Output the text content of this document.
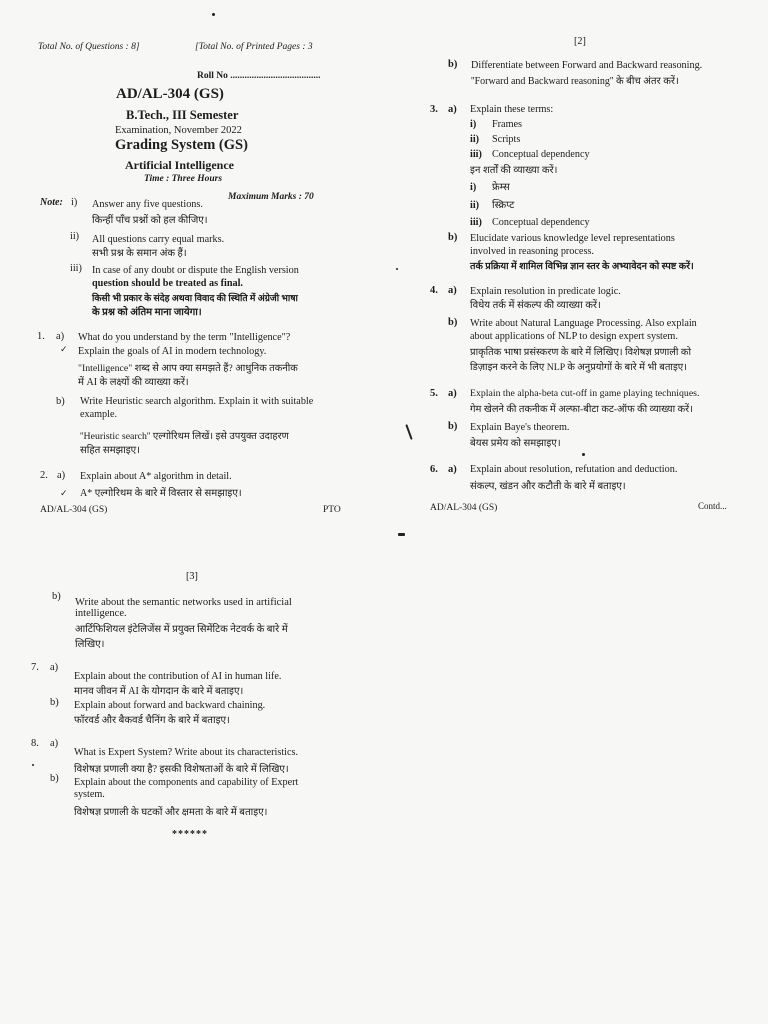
Total No. of Questions : 8]	[Total No. of Printed Pages : 3
Roll No ......................................
AD/AL-304 (GS)
B.Tech., III Semester
Examination, November 2022
Grading System (GS)
Artificial Intelligence
Time : Three Hours
Maximum Marks : 70
Note: i) Answer any five questions.
किन्हीं पाँच प्रश्नों को हल कीजिए।
ii) All questions carry equal marks.
सभी प्रश्न के समान अंक हैं।
iii) In case of any doubt or dispute the English version
question should be treated as final.
किसी भी प्रकार के संदेह अथवा विवाद की स्थिति में अंग्रेजी भाषा
के प्रश्न को अंतिम माना जायेगा।
1. a) What do you understand by the term "Intelligence"?
✓ Explain the goals of AI in modern technology.
"Intelligence" शब्द से आप क्या समझते हैं? आधुनिक तकनीक
में AI के लक्ष्यों की व्याख्या करें।
b) Write Heuristic search algorithm. Explain it with suitable
example.
''Heuristic search'' एल्गोरिथम लिखें। इसे उपयुक्त उदाहरण
सहित समझाइए।
2. a) Explain about A* algorithm in detail.
✓ A* एल्गोरिथम के बारे में विस्तार से समझाइए।
AD/AL-304 (GS)	PTO
[2]
b) Differentiate between Forward and Backward reasoning.
''Forward and Backward reasoning'' के बीच अंतर करें।
3. a) Explain these terms:
i) Frames
ii) Scripts
iii) Conceptual dependency
इन शर्तों की व्याख्या करें।
i) फ्रेम्स
ii) स्क्रिप्ट
iii) Conceptual dependency
b) Elucidate various knowledge level representations
involved in reasoning process.
तर्क प्रक्रिया में शामिल विभिन्न ज्ञान स्तर के अभ्यावेदन को स्पष्ट करें।
4. a) Explain resolution in predicate logic.
विधेय तर्क में संकल्प की व्याख्या करें।
b) Write about Natural Language Processing. Also explain
about applications of NLP to design expert system.
प्राकृतिक भाषा प्रसंस्करण के बारे में लिखिए। विशेषज्ञ प्रणाली को
डिज़ाइन करने के लिए NLP के अनुप्रयोगों के बारे में भी बताइए।
5. a) Explain the alpha-beta cut-off in game playing techniques.
गेम खेलने की तकनीक में अल्फा-बीटा कट-ऑफ की व्याख्या करें।
b) Explain Baye's theorem.
बेयस प्रमेय को समझाइए।
6. a) Explain about resolution, refutation and deduction.
संकल्प, खंडन और कटौती के बारे में बताइए।
AD/AL-304 (GS)	Contd...
[3]
b)
Write about the semantic networks used in artificial
intelligence.
आर्टिफिशियल इंटेलिजेंस में प्रयुक्त सिमेंटिक नेटवर्क के बारे में
लिखिए।
7. a)
Explain about the contribution of AI in human life.
मानव जीवन में AI के योगदान के बारे में बताइए।
b) Explain about forward and backward chaining.
फॉरवर्ड और बैकवर्ड चैनिंग के बारे में बताइए।
8. a)
What is Expert System? Write about its characteristics.
विशेषज्ञ प्रणाली क्या है? इसकी विशेषताओं के बारे में लिखिए।
b) Explain about the components and capability of Expert
system.
विशेषज्ञ प्रणाली के घटकों और क्षमता के बारे में बताइए।
******
